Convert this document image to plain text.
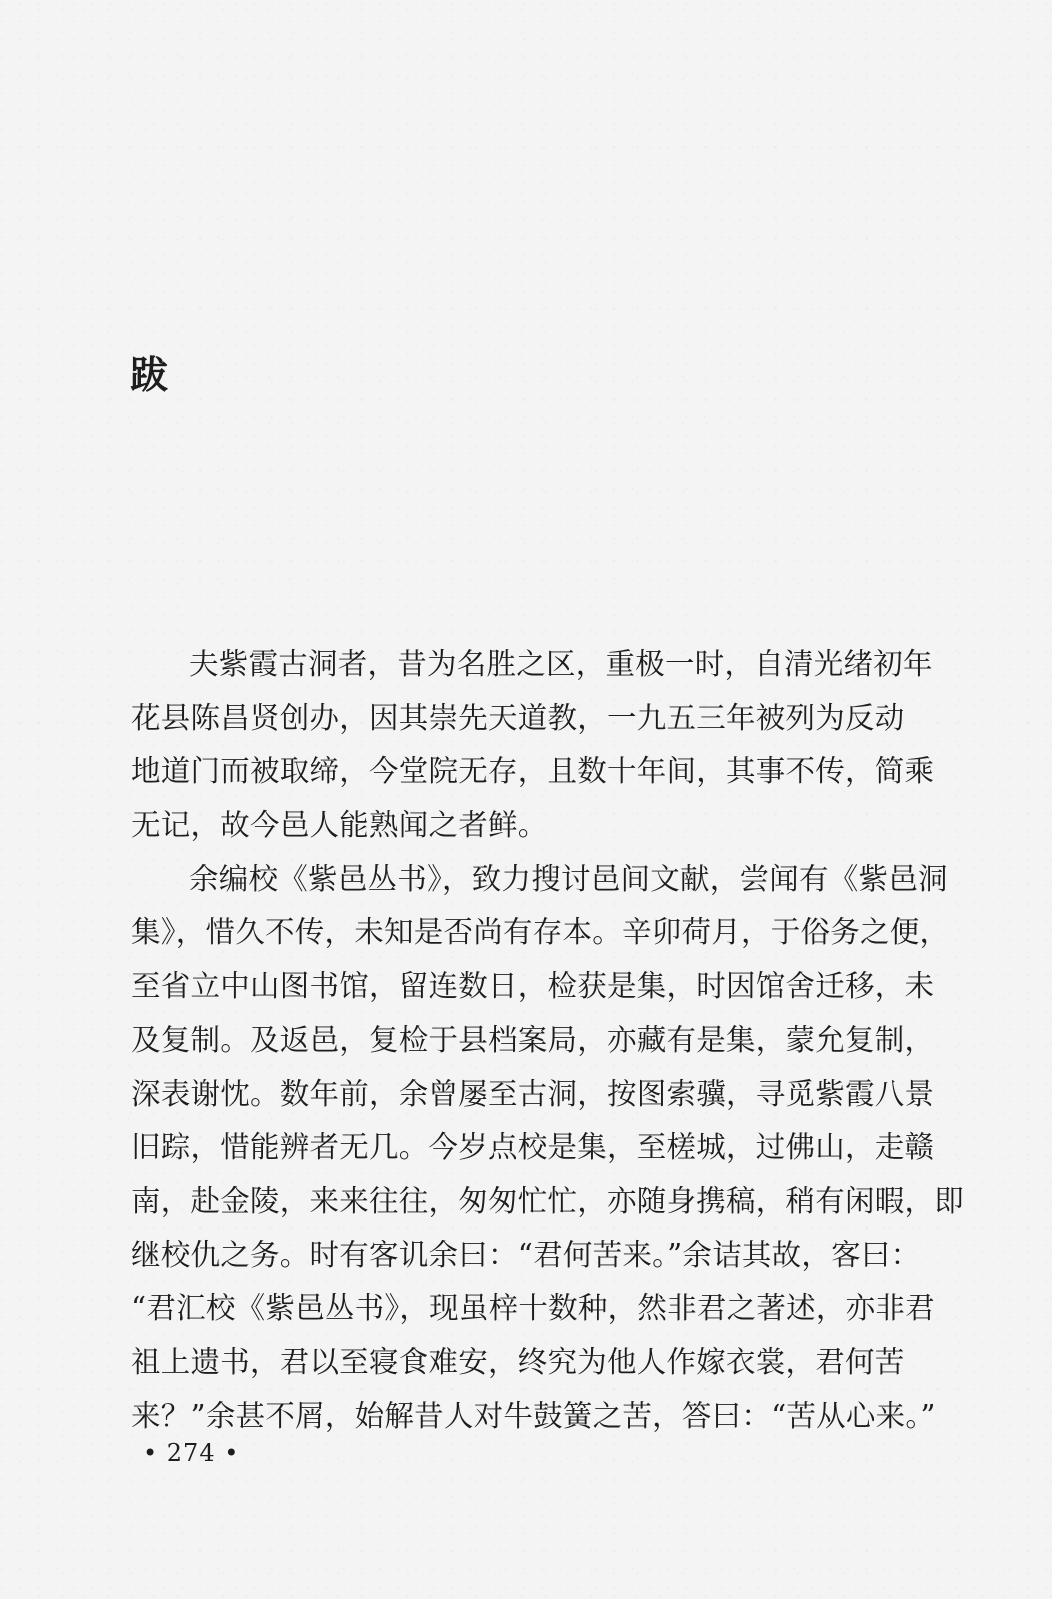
跋
夫紫霞古洞者，昔为名胜之区，重极一时，自清光绪初年
花县陈昌贤创办，因其崇先天道教，一九五三年被列为反动
地道门而被取缔，今堂院无存，且数十年间，其事不传，简乘
无记，故今邑人能熟闻之者鲜。
余编校《紫邑丛书》，致力搜讨邑间文献，尝闻有《紫邑洞
集》，惜久不传，未知是否尚有存本。辛卯荷月，于俗务之便，
至省立中山图书馆，留连数日，检获是集，时因馆舍迁移，未
及复制。及返邑，复检于县档案局，亦藏有是集，蒙允复制，
深表谢忱。数年前，余曾屡至古洞，按图索骥，寻觅紫霞八景
旧踪，惜能辨者无几。今岁点校是集，至槎城，过佛山，走赣
南，赴金陵，来来往往，匆匆忙忙，亦随身携稿，稍有闲暇，即
继校仇之务。时有客讥余曰：“君何苦来。”余诘其故，客曰：
“君汇校《紫邑丛书》，现虽梓十数种，然非君之著述，亦非君
祖上遗书，君以至寝食难安，终究为他人作嫁衣裳，君何苦
来？”余甚不屑，始解昔人对牛鼓簧之苦，答曰：“苦从心来。”
• 274 •
